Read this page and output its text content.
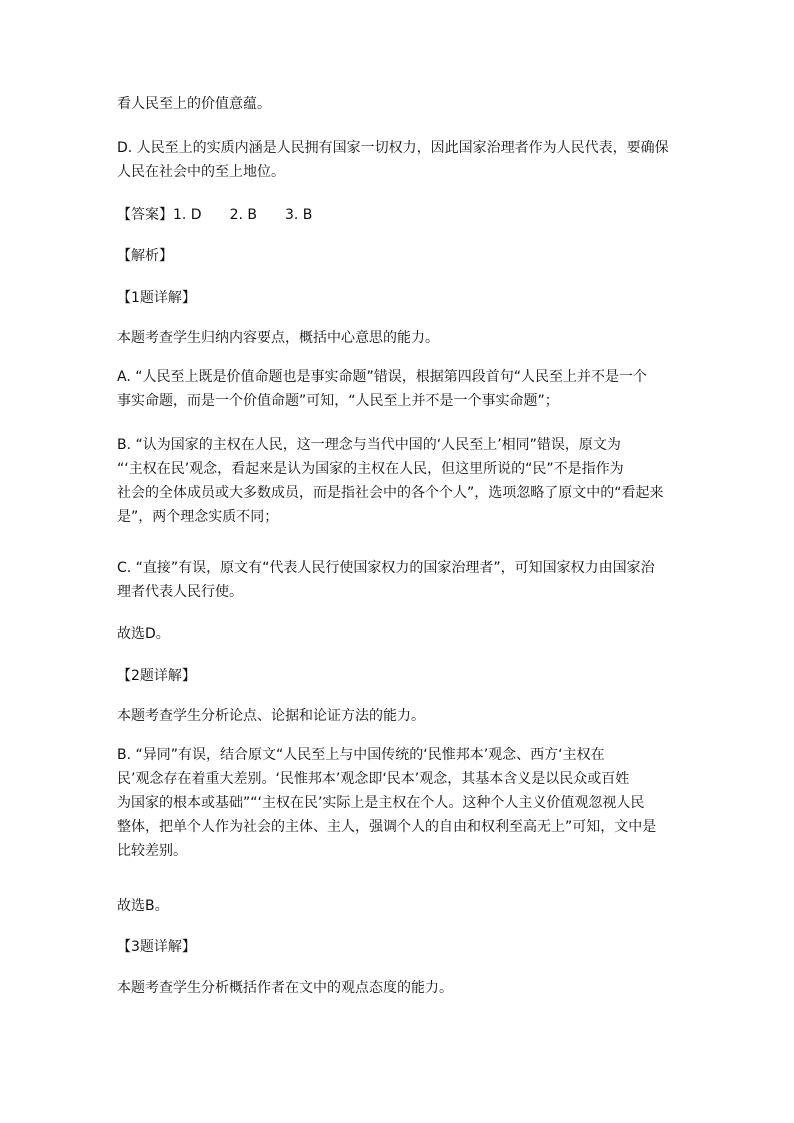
看人民至上的价值意蕴。
D. 人民至上的实质内涵是人民拥有国家一切权力，因此国家治理者作为人民代表，要确保
人民在社会中的至上地位。
【答案】1. D　　2. B　　3. B
【解析】
【1题详解】
本题考查学生归纳内容要点，概括中心意思的能力。
A. “人民至上既是价值命题也是事实命题”错误，根据第四段首句“人民至上并不是一个
事实命题，而是一个价值命题”可知，“人民至上并不是一个事实命题”；
B. “认为国家的主权在人民，这一理念与当代中国的‘人民至上’相同”错误，原文为
“‘主权在民’观念，看起来是认为国家的主权在人民，但这里所说的“民”不是指作为
社会的全体成员或大多数成员，而是指社会中的各个个人”，选项忽略了原文中的“看起来
是”，两个理念实质不同；
C. “直接”有误，原文有“代表人民行使国家权力的国家治理者”，可知国家权力由国家治
理者代表人民行使。
故选D。
【2题详解】
本题考查学生分析论点、论据和论证方法的能力。
B. “异同”有误，结合原文“人民至上与中国传统的‘民惟邦本’观念、西方‘主权在
民’观念存在着重大差别。‘民惟邦本’观念即‘民本’观念，其基本含义是以民众或百姓
为国家的根本或基础”“‘主权在民’实际上是主权在个人。这种个人主义价值观忽视人民
整体，把单个人作为社会的主体、主人，强调个人的自由和权利至高无上”可知，文中是
比较差别。
故选B。
【3题详解】
本题考查学生分析概括作者在文中的观点态度的能力。
